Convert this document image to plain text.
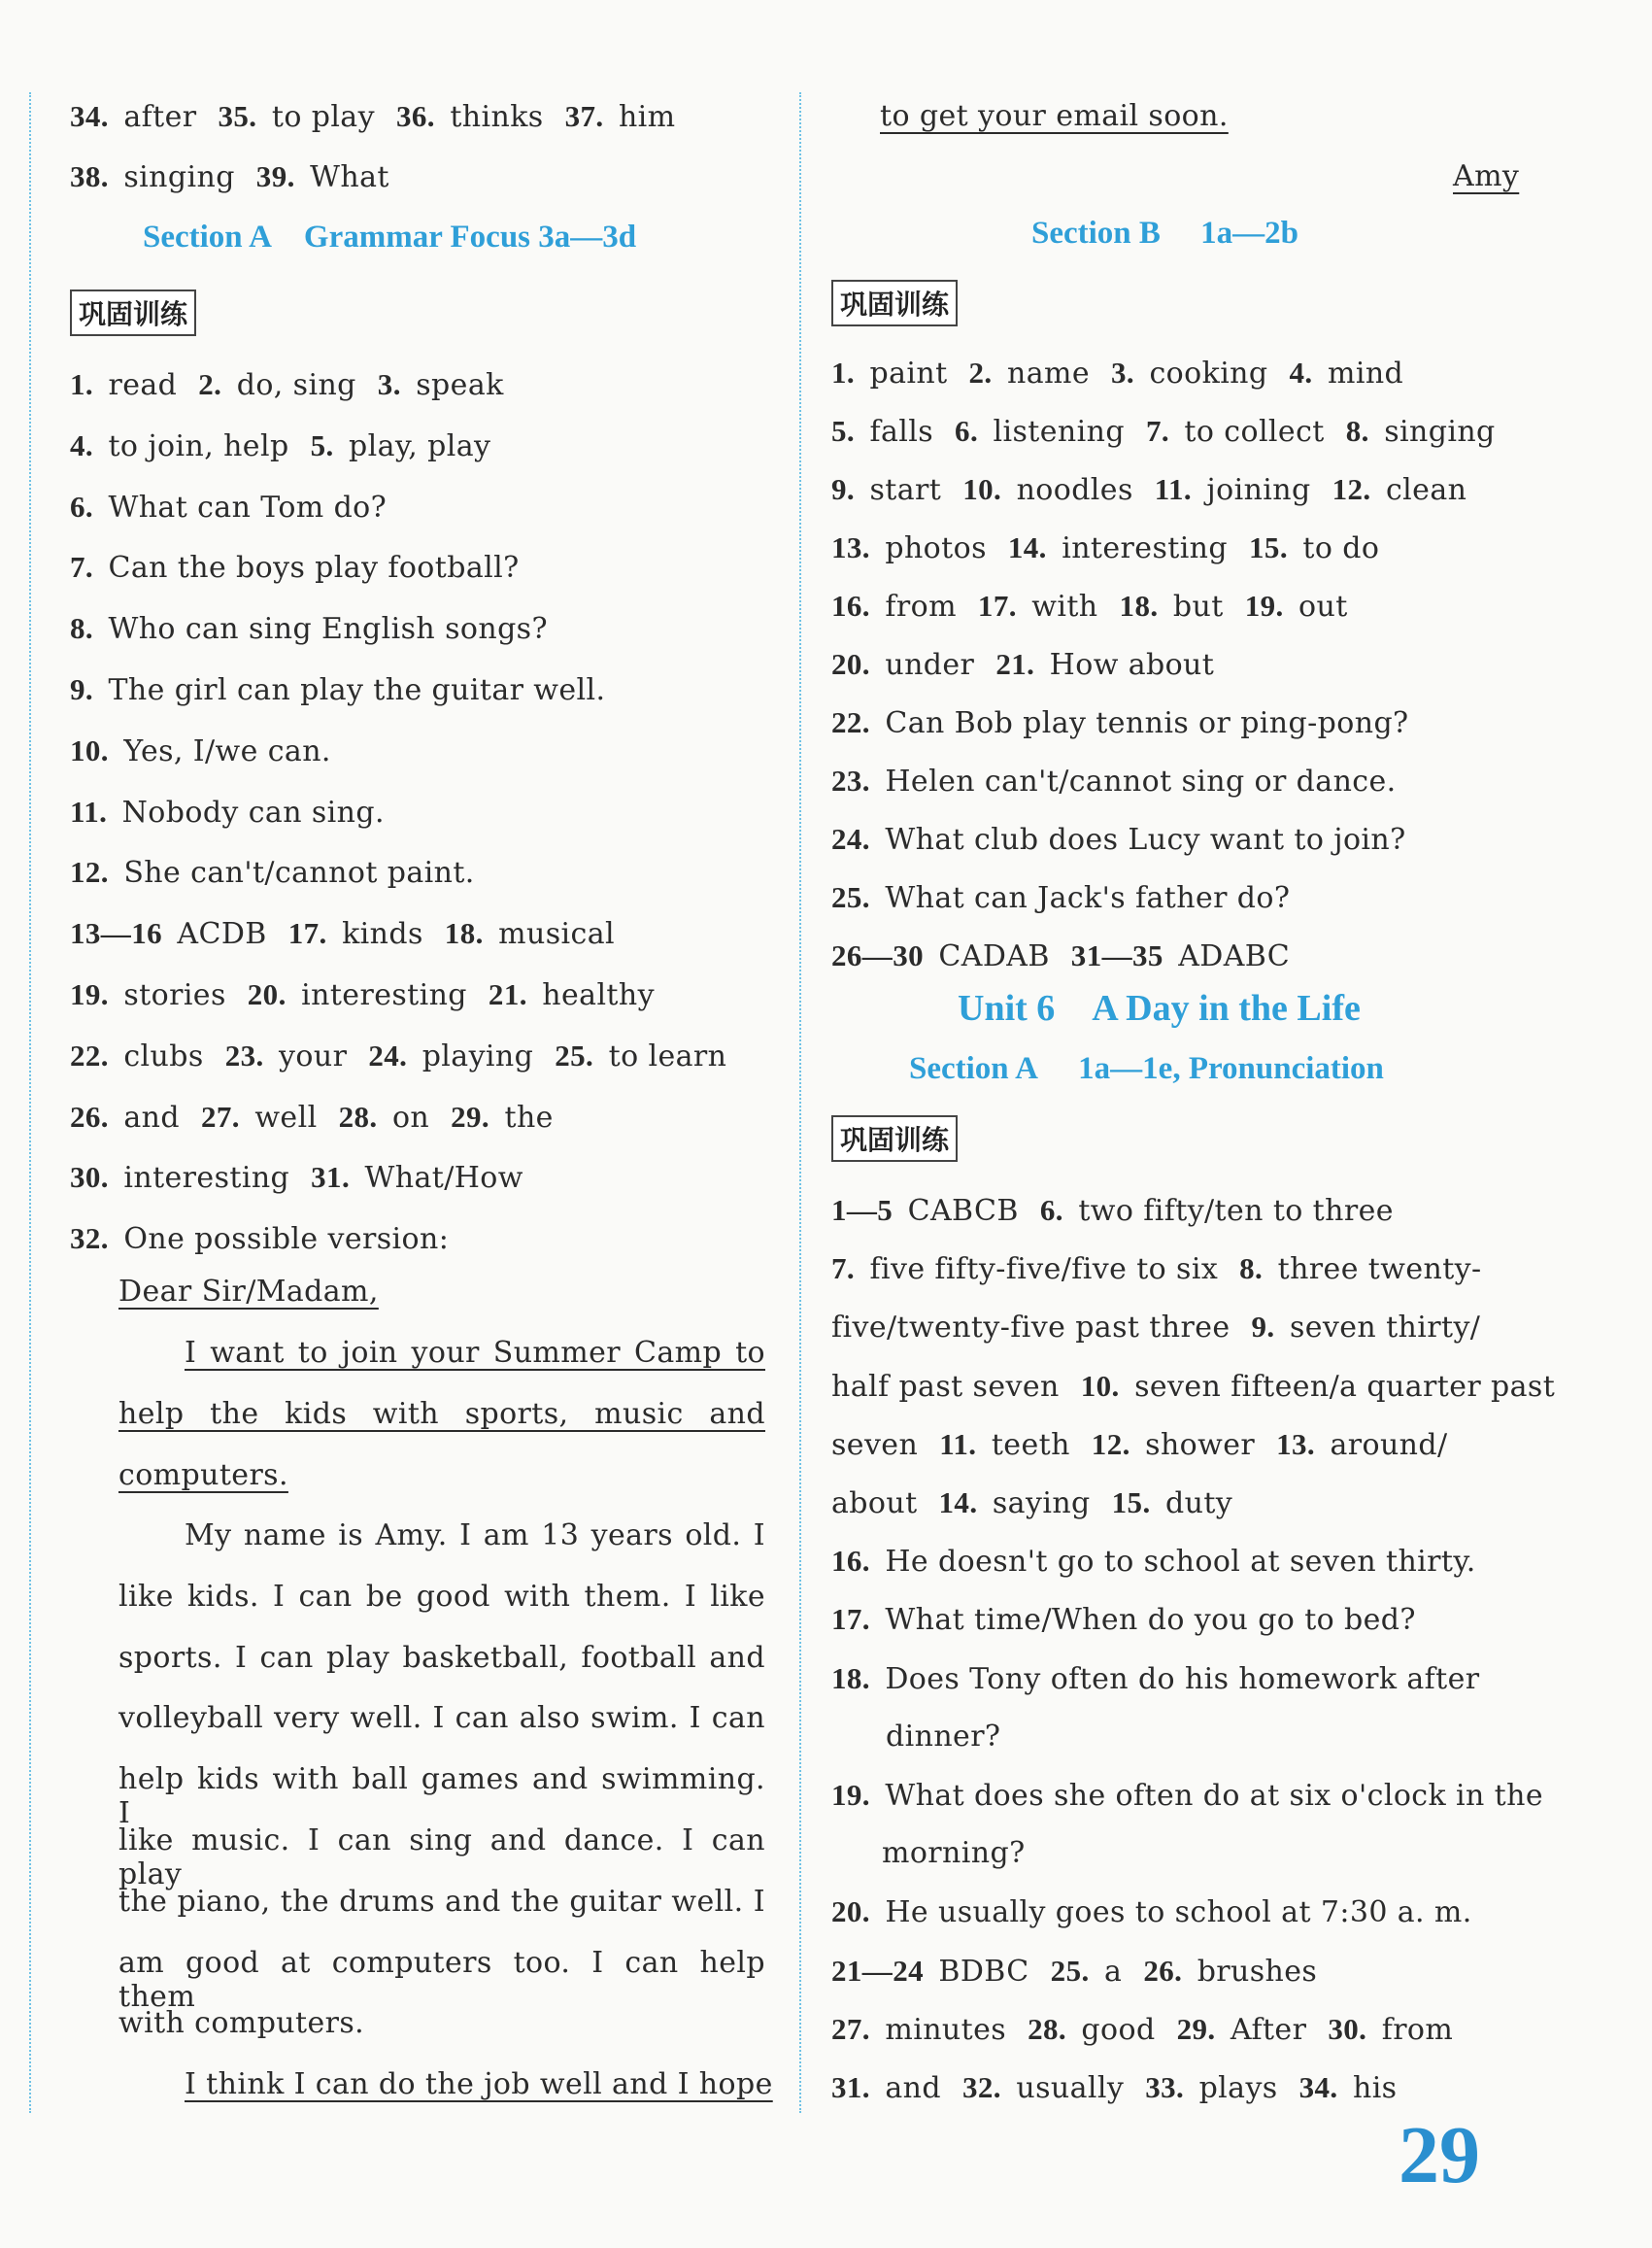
34.  after 35.  to play 36.  thinks 37.  him
38.  singing 39.  What
Section A Grammar Focus 3a—3d
巩固训练
1.  read 2.  do, sing 3.  speak
4.  to join, help 5.  play, play
6.  What can Tom do?
7.  Can the boys play football?
8.  Who can sing English songs?
9.  The girl can play the guitar well.
10.  Yes, I/we can.
11.  Nobody can sing.
12.  She can't/cannot paint.
13—16  ACDB 17.  kinds 18.  musical
19.  stories 20.  interesting 21.  healthy
22.  clubs 23.  your 24.  playing 25.  to learn
26.  and 27.  well 28.  on 29.  the
30.  interesting 31.  What/How
32.  One possible version:
Dear Sir/Madam,
I want to join your Summer Camp to
help the kids with sports, music and
computers.
My name is Amy. I am 13 years old. I
like kids. I can be good with them. I like
sports. I can play basketball, football and
volleyball very well. I can also swim. I can
help kids with ball games and swimming. I
like music. I can sing and dance. I can play
the piano, the drums and the guitar well. I
am good at computers too. I can help them
with computers.
I think I can do the job well and I hope
to get your email soon.
Amy
Section B  1a—2b
巩固训练
1.  paint 2.  name 3.  cooking 4.  mind
5.  falls 6.  listening 7.  to collect 8.  singing
9.  start 10.  noodles 11.  joining 12.  clean
13.  photos 14.  interesting 15.  to do
16.  from 17.  with 18.  but 19.  out
20.  under 21.  How about
22.  Can Bob play tennis or ping-pong?
23.  Helen can't/cannot sing or dance.
24.  What club does Lucy want to join?
25.  What can Jack's father do?
26—30  CADAB 31—35  ADABC
Unit 6 A Day in the Life
Section A  1a—1e, Pronunciation
巩固训练
1—5  CABCB 6.  two fifty/ten to three
7.  five fifty-five/five to six 8.  three twenty-
five/twenty-five past three 9.  seven thirty/
half past seven 10.  seven fifteen/a quarter past
seven 11.  teeth 12.  shower 13.  around/
about 14.  saying 15.  duty
16.  He doesn't go to school at seven thirty.
17.  What time/When do you go to bed?
18.  Does Tony often do his homework after
dinner?
19.  What does she often do at six o'clock in the
morning?
20.  He usually goes to school at 7:30 a. m.
21—24  BDBC 25.  a 26.  brushes
27.  minutes 28.  good 29.  After 30.  from
31.  and 32.  usually 33.  plays 34.  his
29
